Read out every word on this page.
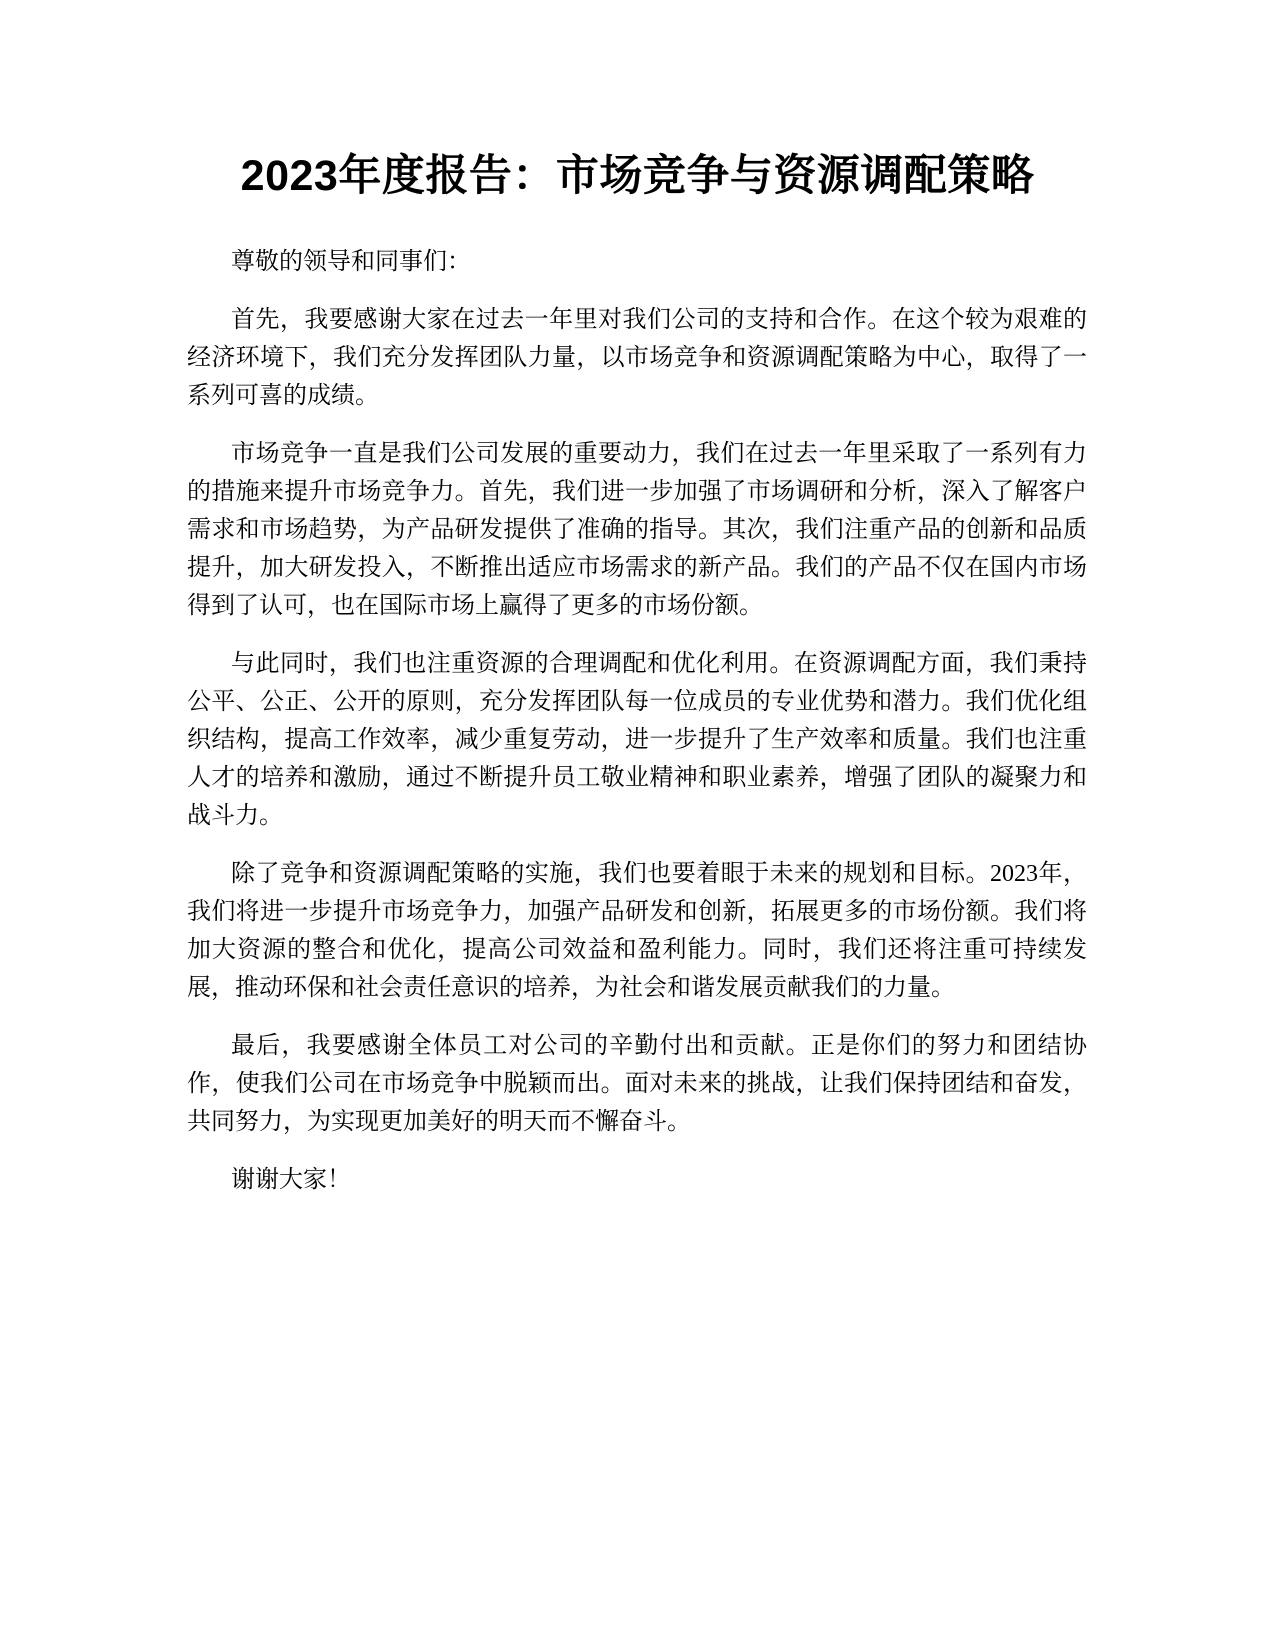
2023年度报告：市场竞争与资源调配策略

尊敬的领导和同事们：

首先，我要感谢大家在过去一年里对我们公司的支持和合作。在这个较为艰难的经济环境下，我们充分发挥团队力量，以市场竞争和资源调配策略为中心，取得了一系列可喜的成绩。

市场竞争一直是我们公司发展的重要动力，我们在过去一年里采取了一系列有力的措施来提升市场竞争力。首先，我们进一步加强了市场调研和分析，深入了解客户需求和市场趋势，为产品研发提供了准确的指导。其次，我们注重产品的创新和品质提升，加大研发投入，不断推出适应市场需求的新产品。我们的产品不仅在国内市场得到了认可，也在国际市场上赢得了更多的市场份额。

与此同时，我们也注重资源的合理调配和优化利用。在资源调配方面，我们秉持公平、公正、公开的原则，充分发挥团队每一位成员的专业优势和潜力。我们优化组织结构，提高工作效率，减少重复劳动，进一步提升了生产效率和质量。我们也注重人才的培养和激励，通过不断提升员工敬业精神和职业素养，增强了团队的凝聚力和战斗力。

除了竞争和资源调配策略的实施，我们也要着眼于未来的规划和目标。2023年，我们将进一步提升市场竞争力，加强产品研发和创新，拓展更多的市场份额。我们将加大资源的整合和优化，提高公司效益和盈利能力。同时，我们还将注重可持续发展，推动环保和社会责任意识的培养，为社会和谐发展贡献我们的力量。

最后，我要感谢全体员工对公司的辛勤付出和贡献。正是你们的努力和团结协作，使我们公司在市场竞争中脱颖而出。面对未来的挑战，让我们保持团结和奋发，共同努力，为实现更加美好的明天而不懈奋斗。

谢谢大家！
